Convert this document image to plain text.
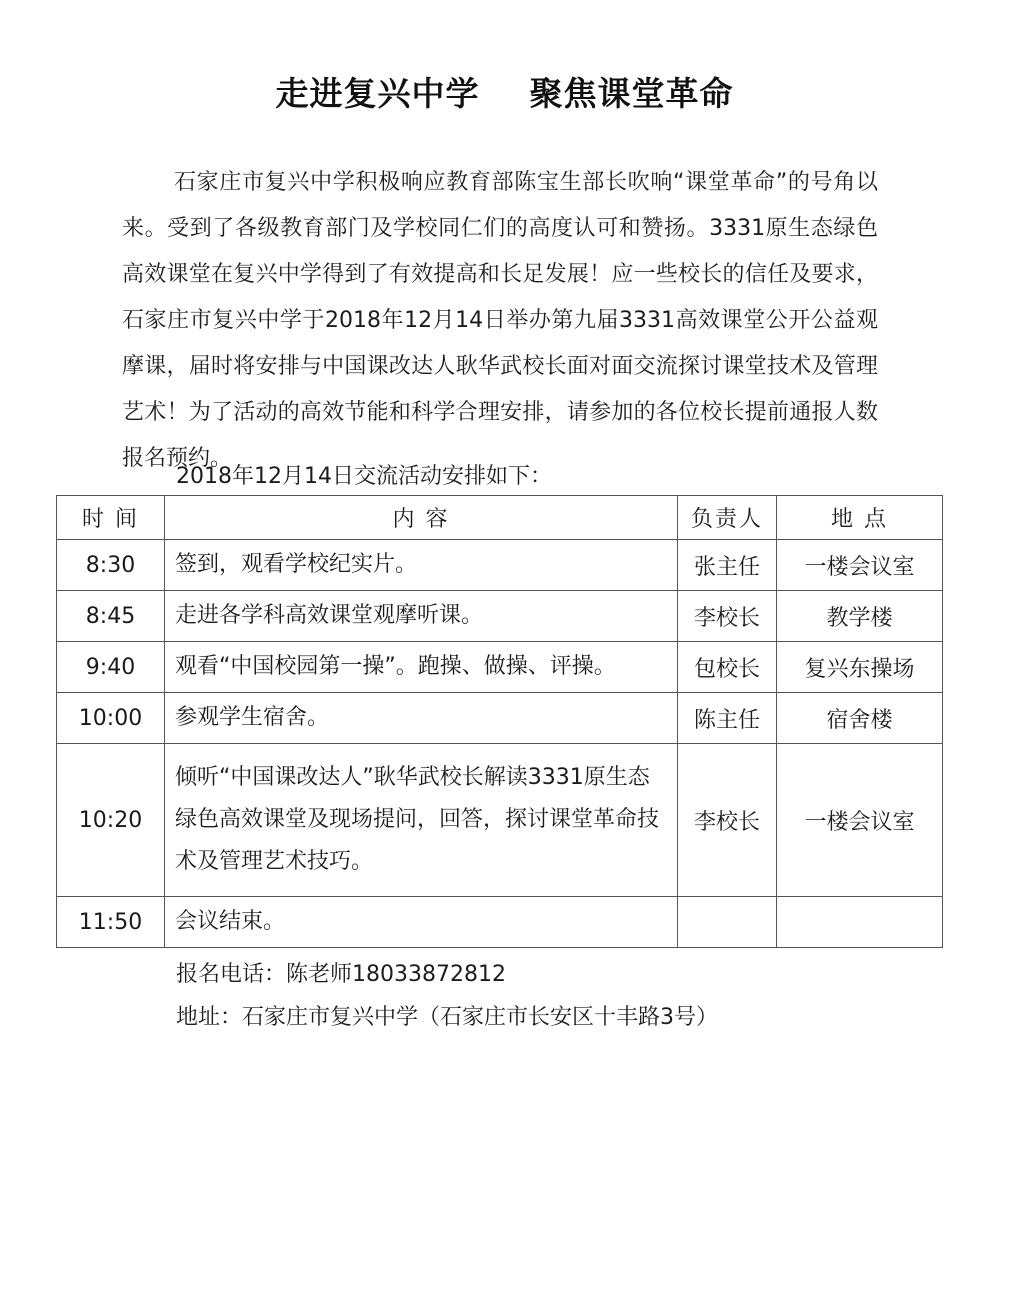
走进复兴中学    聚焦课堂革命
石家庄市复兴中学积极响应教育部陈宝生部长吹响“课堂革命”的号角以来。受到了各级教育部门及学校同仁们的高度认可和赞扬。3331原生态绿色高效课堂在复兴中学得到了有效提高和长足发展！应一些校长的信任及要求，石家庄市复兴中学于2018年12月14日举办第九届3331高效课堂公开公益观摩课，届时将安排与中国课改达人耿华武校长面对面交流探讨课堂技术及管理艺术！为了活动的高效节能和科学合理安排，请参加的各位校长提前通报人数报名预约。
2018年12月14日交流活动安排如下：
时 间	内 容	负责人	地 点
8:30	签到，观看学校纪实片。	张主任	一楼会议室
8:45	走进各学科高效课堂观摩听课。	李校长	教学楼
9:40	观看“中国校园第一操”。跑操、做操、评操。	包校长	复兴东操场
10:00	参观学生宿舍。	陈主任	宿舍楼
10:20	倾听“中国课改达人”耿华武校长解读3331原生态绿色高效课堂及现场提问，回答，探讨课堂革命技术及管理艺术技巧。	李校长	一楼会议室
11:50	会议结束。		
报名电话：陈老师18033872812
地址：石家庄市复兴中学（石家庄市长安区十丰路3号）
